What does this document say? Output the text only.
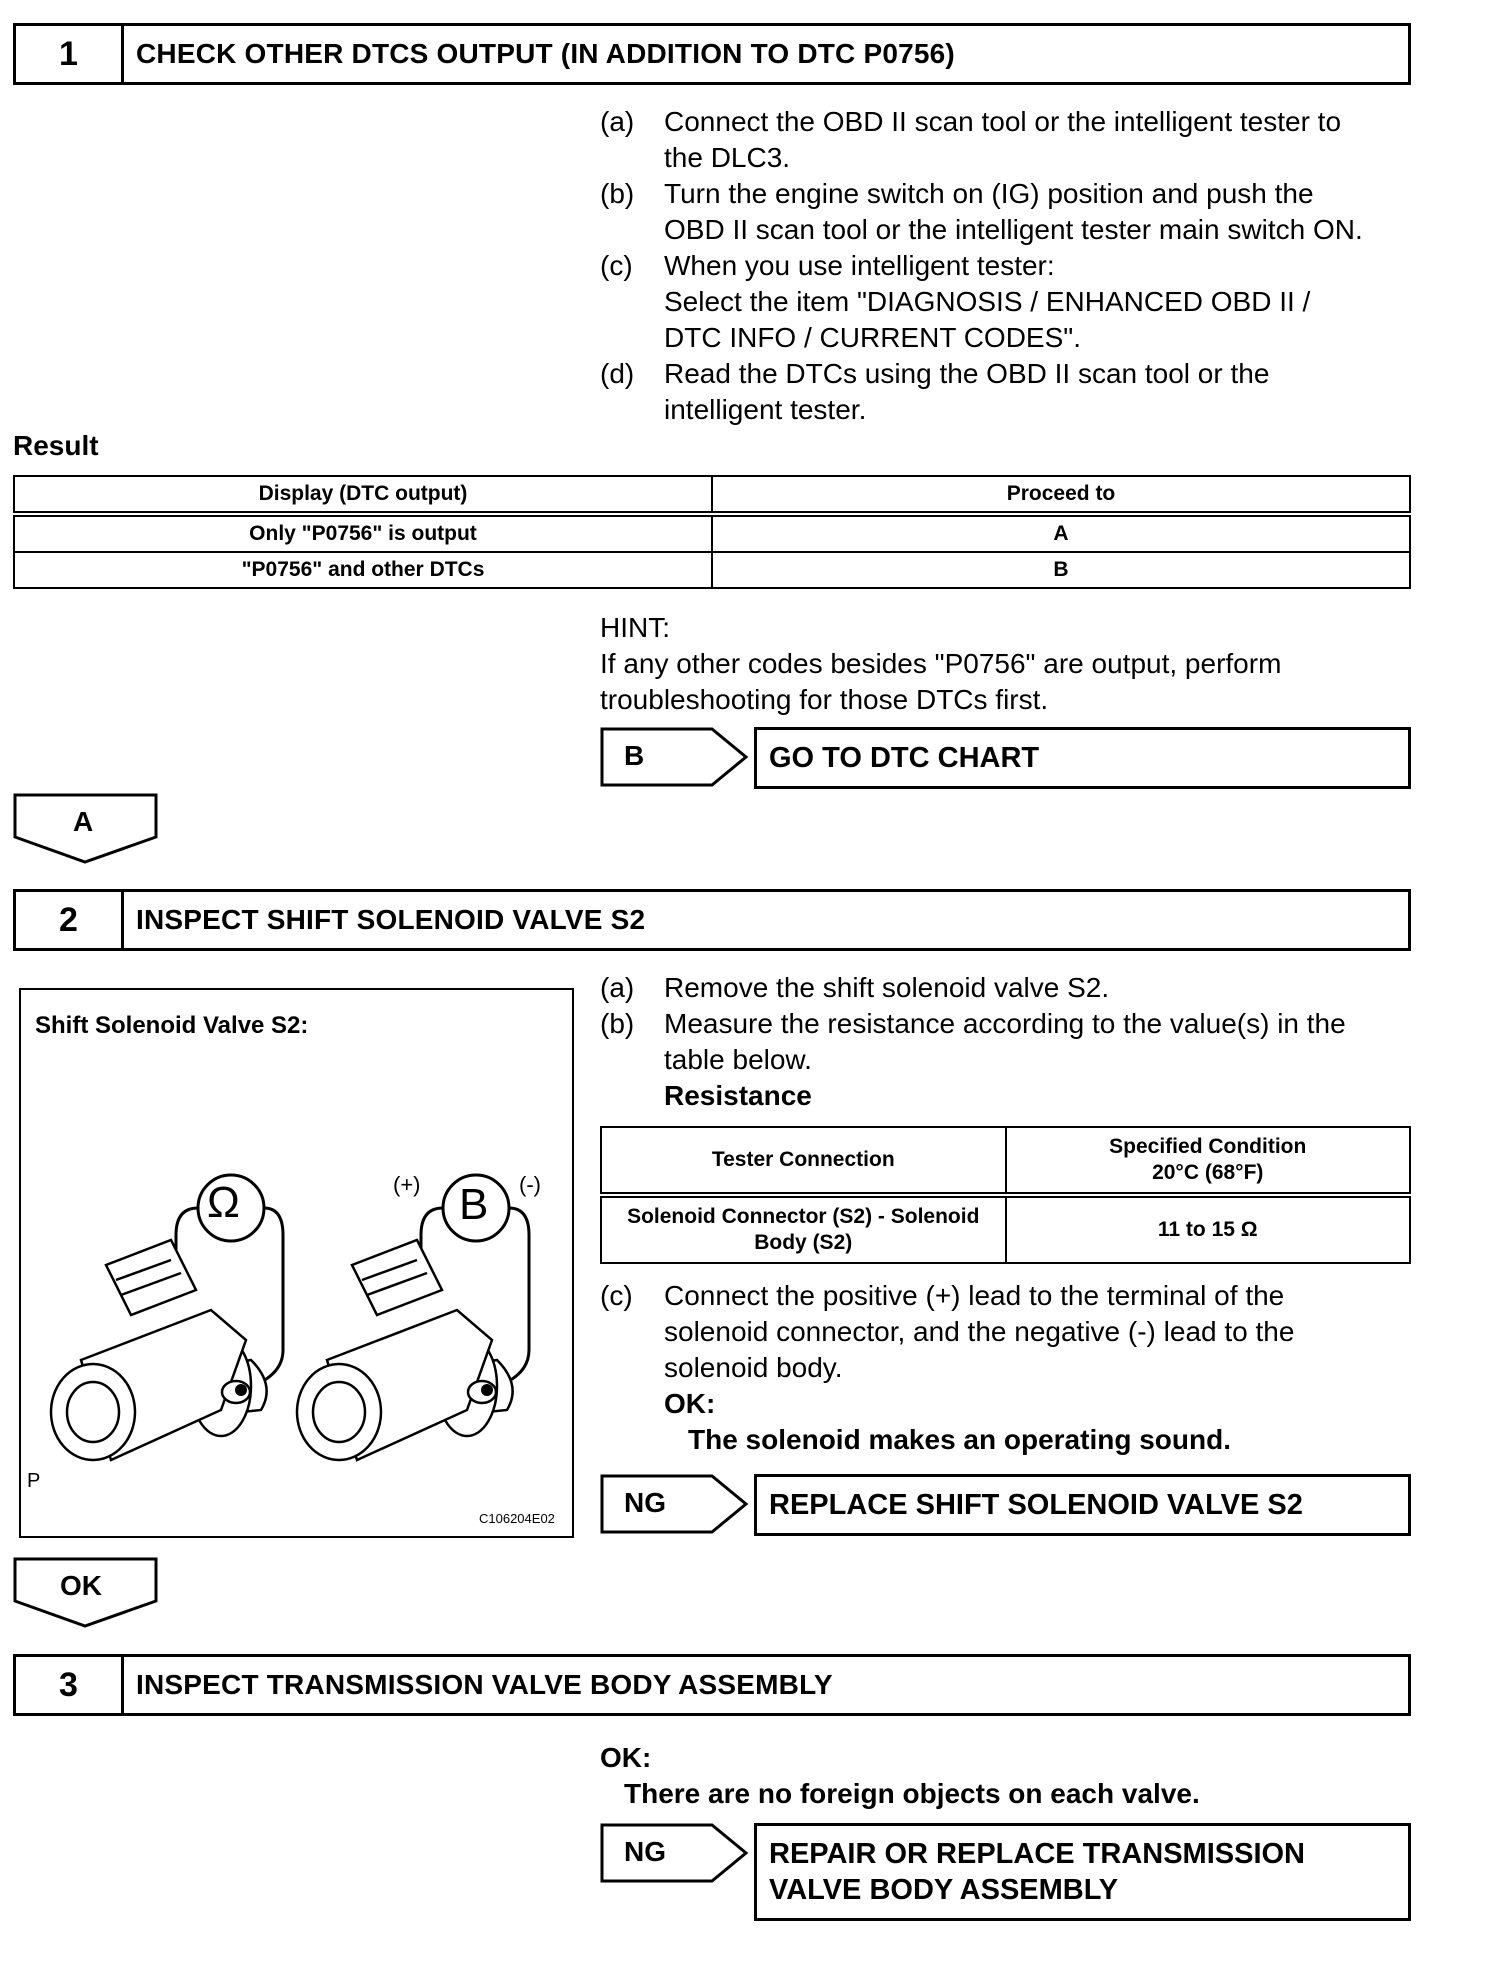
1	CHECK OTHER DTCS OUTPUT (IN ADDITION TO DTC P0756)
(a) Connect the OBD II scan tool or the intelligent tester to
the DLC3.
(b) Turn the engine switch on (IG) position and push the
OBD II scan tool or the intelligent tester main switch ON.
(c) When you use intelligent tester:
Select the item "DIAGNOSIS / ENHANCED OBD II /
DTC INFO / CURRENT CODES".
(d) Read the DTCs using the OBD II scan tool or the
intelligent tester.
Result
Display (DTC output)	Proceed to
Only "P0756" is output	A
"P0756" and other DTCs	B
HINT:
If any other codes besides "P0756" are output, perform
troubleshooting for those DTCs first.
B	GO TO DTC CHART
A
2	INSPECT SHIFT SOLENOID VALVE S2
Shift Solenoid Valve S2:
Ω	B
(+)	(-)
P
C106204E02
(a) Remove the shift solenoid valve S2.
(b) Measure the resistance according to the value(s) in the
table below.
Resistance
Tester Connection	Specified Condition
20°C (68°F)
Solenoid Connector (S2) - Solenoid
Body (S2)	11 to 15 Ω
(c) Connect the positive (+) lead to the terminal of the
solenoid connector, and the negative (-) lead to the
solenoid body.
OK:
The solenoid makes an operating sound.
NG	REPLACE SHIFT SOLENOID VALVE S2
OK
3	INSPECT TRANSMISSION VALVE BODY ASSEMBLY
OK:
There are no foreign objects on each valve.
NG	REPAIR OR REPLACE TRANSMISSION
VALVE BODY ASSEMBLY
